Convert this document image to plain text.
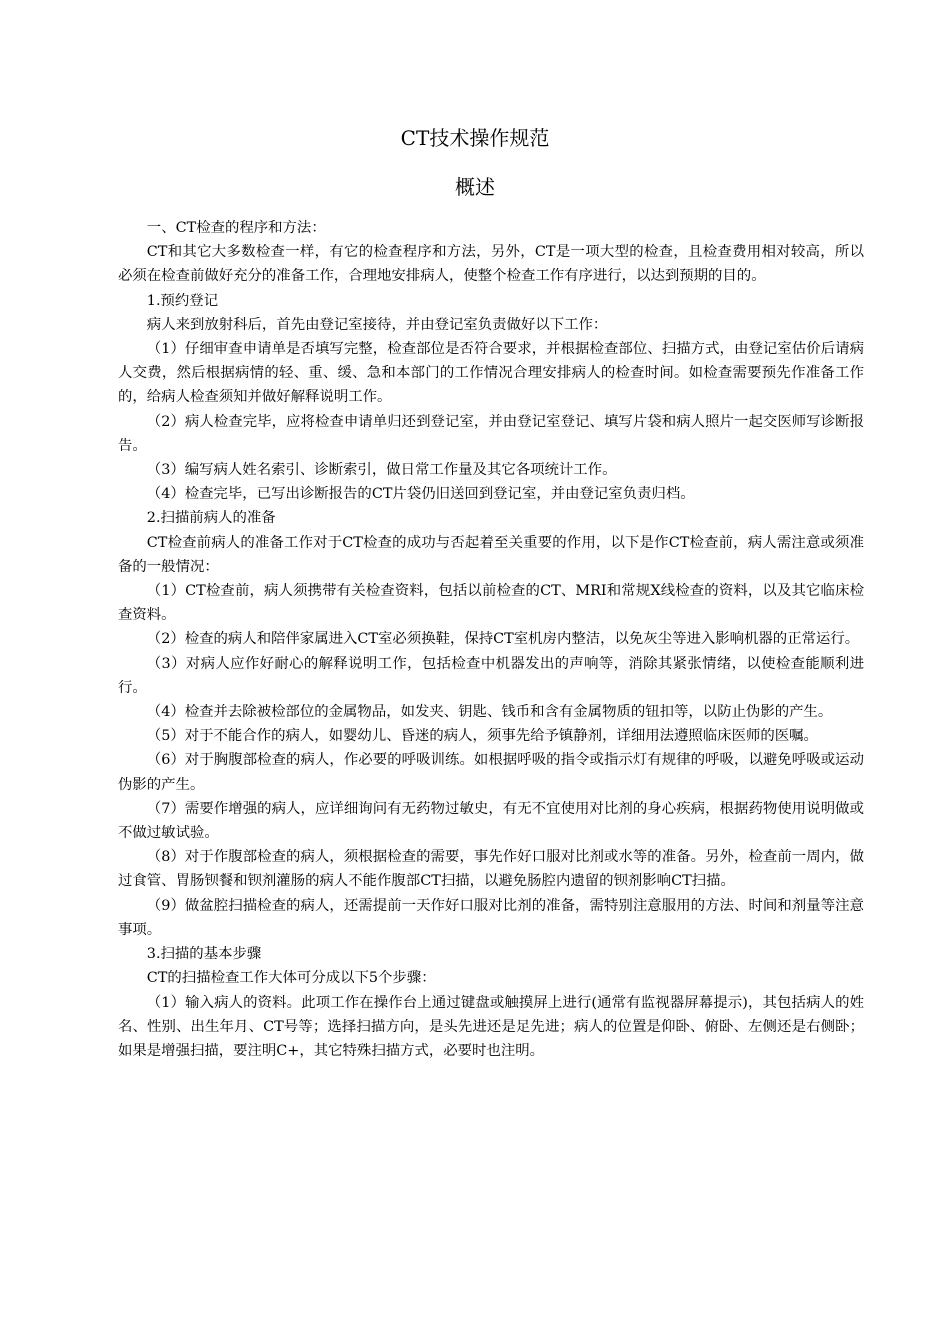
CT技术操作规范
概述

一、CT检查的程序和方法：

CT和其它大多数检查一样，有它的检查程序和方法，另外，CT是一项大型的检查，且检查费用相对较高，所以必须在检查前做好充分的准备工作，合理地安排病人，使整个检查工作有序进行，以达到预期的目的。

1.预约登记

病人来到放射科后，首先由登记室接待，并由登记室负责做好以下工作：

（1）仔细审查申请单是否填写完整，检查部位是否符合要求，并根据检查部位、扫描方式，由登记室估价后请病人交费，然后根据病情的轻、重、缓、急和本部门的工作情况合理安排病人的检查时间。如检查需要预先作准备工作的，给病人检查须知并做好解释说明工作。

（2）病人检查完毕，应将检查申请单归还到登记室，并由登记室登记、填写片袋和病人照片一起交医师写诊断报告。

（3）编写病人姓名索引、诊断索引，做日常工作量及其它各项统计工作。

（4）检查完毕，已写出诊断报告的CT片袋仍旧送回到登记室，并由登记室负责归档。

2.扫描前病人的准备

CT检查前病人的准备工作对于CT检查的成功与否起着至关重要的作用，以下是作CT检查前，病人需注意或须准备的一般情况：

（1）CT检查前，病人须携带有关检查资料，包括以前检查的CT、MRI和常规X线检查的资料，以及其它临床检查资料。

（2）检查的病人和陪伴家属进入CT室必须换鞋，保持CT室机房内整洁，以免灰尘等进入影响机器的正常运行。

（3）对病人应作好耐心的解释说明工作，包括检查中机器发出的声响等，消除其紧张情绪，以使检查能顺利进行。

（4）检查并去除被检部位的金属物品，如发夹、钥匙、钱币和含有金属物质的钮扣等，以防止伪影的产生。

（5）对于不能合作的病人，如婴幼儿、昏迷的病人，须事先给予镇静剂，详细用法遵照临床医师的医嘱。

（6）对于胸腹部检查的病人，作必要的呼吸训练。如根据呼吸的指令或指示灯有规律的呼吸，以避免呼吸或运动伪影的产生。

（7）需要作增强的病人，应详细询问有无药物过敏史，有无不宜使用对比剂的身心疾病，根据药物使用说明做或不做过敏试验。

（8）对于作腹部检查的病人，须根据检查的需要，事先作好口服对比剂或水等的准备。另外，检查前一周内，做过食管、胃肠钡餐和钡剂灌肠的病人不能作腹部CT扫描，以避免肠腔内遗留的钡剂影响CT扫描。

（9）做盆腔扫描检查的病人，还需提前一天作好口服对比剂的准备，需特别注意服用的方法、时间和剂量等注意事项。

3.扫描的基本步骤

CT的扫描检查工作大体可分成以下5个步骤：

（1）输入病人的资料。此项工作在操作台上通过键盘或触摸屏上进行(通常有监视器屏幕提示)，其包括病人的姓名、性别、出生年月、CT号等；选择扫描方向，是头先进还是足先进；病人的位置是仰卧、俯卧、左侧还是右侧卧；如果是增强扫描，要注明C+，其它特殊扫描方式，必要时也注明。
